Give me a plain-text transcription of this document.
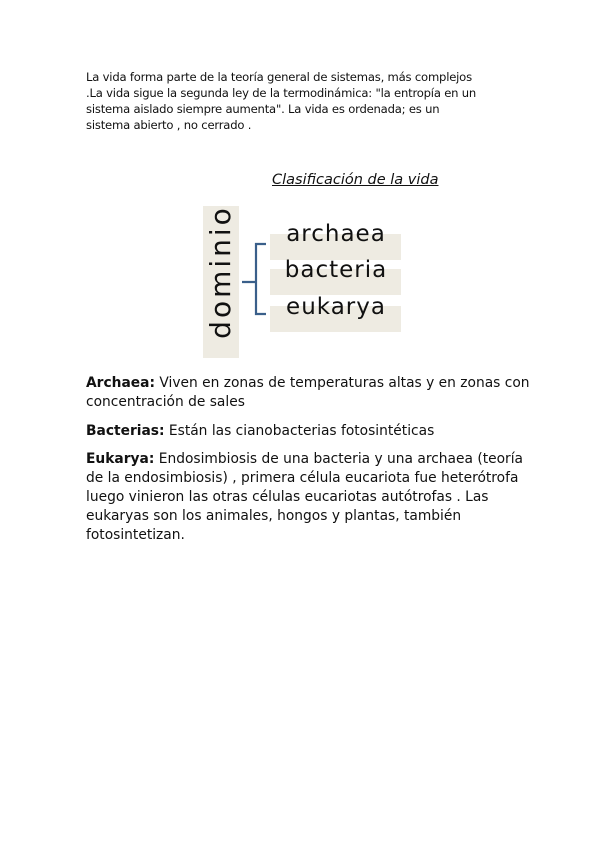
La vida forma parte de la teoría general de sistemas, más complejos .La vida sigue la segunda ley de la termodinámica: "la entropía en un sistema aislado siempre aumenta". La vida es ordenada; es un sistema abierto , no cerrado .

Clasificación de la vida

dominio	archaea
bacteria
eukarya

Archaea: Viven en zonas de temperaturas altas y en zonas con concentración de sales

Bacterias: Están las cianobacterias fotosintéticas

Eukarya: Endosimbiosis de una bacteria y una archaea (teoría de la endosimbiosis) , primera célula eucariota fue heterótrofa luego vinieron las otras células eucariotas autótrofas . Las eukaryas son los animales, hongos y plantas, también fotosintetizan.
